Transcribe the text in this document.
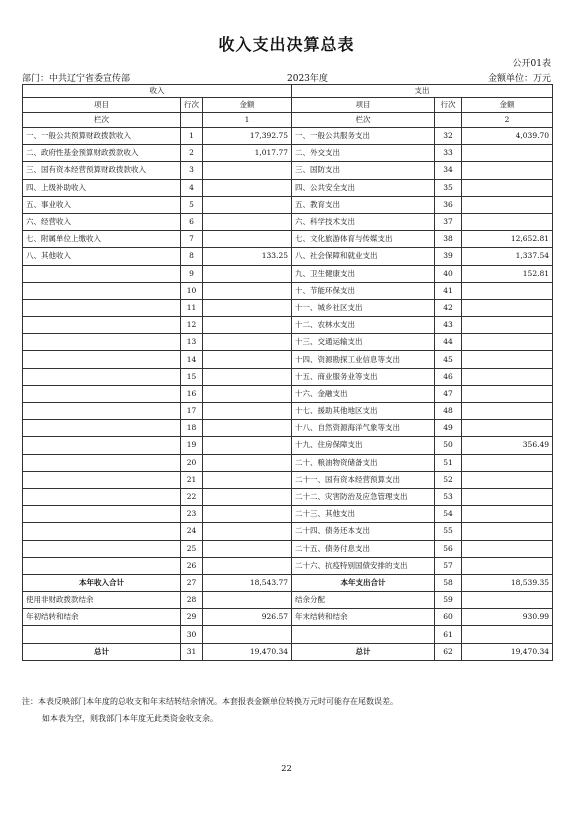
收入支出决算总表
公开01表
部门：中共辽宁省委宣传部	2023年度	金额单位：万元
收入			支出		
项目	行次	金额	项目	行次	金额
栏次		1	栏次		2
一、一般公共预算财政拨款收入	1	17,392.75	一、一般公共服务支出	32	4,039.70
二、政府性基金预算财政拨款收入	2	1,017.77	二、外交支出	33	
三、国有资本经营预算财政拨款收入	3		三、国防支出	34	
四、上级补助收入	4		四、公共安全支出	35	
五、事业收入	5		五、教育支出	36	
六、经营收入	6		六、科学技术支出	37	
七、附属单位上缴收入	7		七、文化旅游体育与传媒支出	38	12,652.81
八、其他收入	8	133.25	八、社会保障和就业支出	39	1,337.54
	9		九、卫生健康支出	40	152.81
	10		十、节能环保支出	41	
	11		十一、城乡社区支出	42	
	12		十二、农林水支出	43	
	13		十三、交通运输支出	44	
	14		十四、资源勘探工业信息等支出	45	
	15		十五、商业服务业等支出	46	
	16		十六、金融支出	47	
	17		十七、援助其他地区支出	48	
	18		十八、自然资源海洋气象等支出	49	
	19		十九、住房保障支出	50	356.49
	20		二十、粮油物资储备支出	51	
	21		二十一、国有资本经营预算支出	52	
	22		二十二、灾害防治及应急管理支出	53	
	23		二十三、其他支出	54	
	24		二十四、债务还本支出	55	
	25		二十五、债务付息支出	56	
	26		二十六、抗疫特别国债安排的支出	57	
本年收入合计	27	18,543.77	本年支出合计	58	18,539.35
使用非财政拨款结余	28		结余分配	59	
年初结转和结余	29	926.57	年末结转和结余	60	930.99
	30			61	
总计	31	19,470.34	总计	62	19,470.34
注：本表反映部门本年度的总收支和年末结转结余情况。本套报表金额单位转换万元时可能存在尾数误差。
如本表为空，则我部门本年度无此类资金收支余。
22
